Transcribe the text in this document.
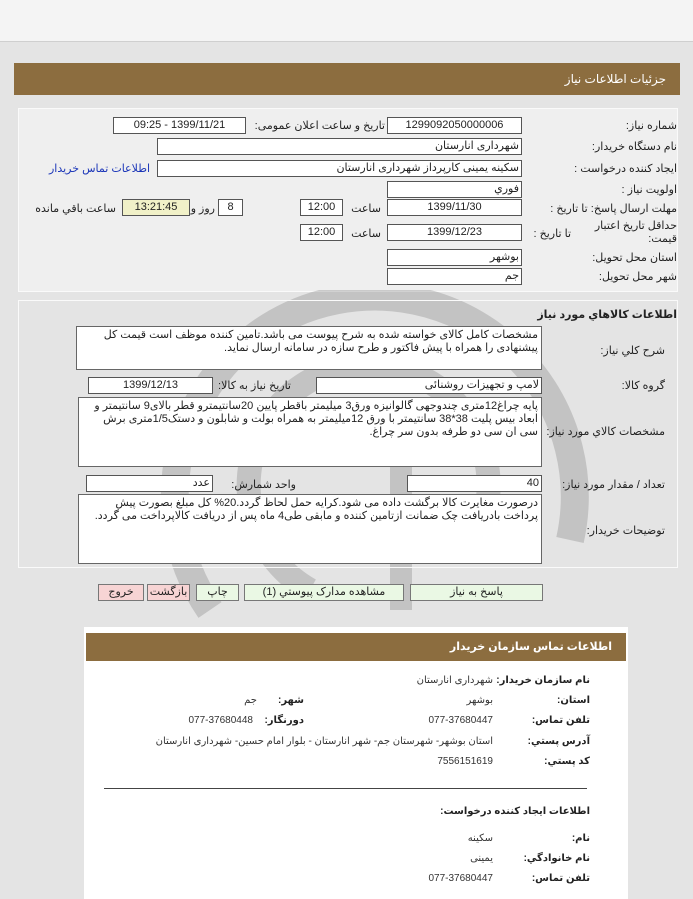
جزئیات اطلاعات نیاز
شماره نیاز:
1299092050000006
تاریخ و ساعت اعلان عمومی:
1399/11/21 - 09:25
نام دستگاه خریدار:
شهرداری انارستان
ایجاد کننده درخواست :
سکینه یمینی کارپرداز شهرداری انارستان
اطلاعات تماس خریدار
اولویت نیاز :
فوري
مهلت ارسال پاسخ: تا تاریخ :
1399/11/30
ساعت
12:00
8
روز و
13:21:45
ساعت باقي مانده
حداقل تاریخ اعتبار قیمت:
تا تاریخ :
1399/12/23
ساعت
12:00
استان محل تحویل:
بوشهر
شهر محل تحویل:
جم
اطلاعات کالاهاي مورد نیاز
شرح کلي نیاز:
مشخصات کامل کالای خواسته شده به شرح پیوست می باشد.تامین کننده موظف است قیمت کل پیشنهادی را همراه با پیش فاکتور و طرح سازه در سامانه ارسال نماید.
گروه کالا:
لامپ و تجهیزات روشنائی
تاریخ نیاز به کالا:
1399/12/13
مشخصات کالاي مورد نیاز:
پایه چراغ12متری چندوجهی گالوانیزه ورق3 میلیمتر باقطر پایین 20سانتیمترو قطر بالای9 سانتیمتر و ابعاد بیس پلیت 38*38 سانتیمتر با ورق 12میلیمتر به همراه بولت و شابلون و دستک1/5متری برش سی ان سی دو طرفه بدون سر چراغ.
تعداد / مقدار مورد نیاز:
40
واحد شمارش:
عدد
توضیحات خریدار:
درصورت مغایرت کالا برگشت داده می شود.کرایه حمل لحاظ گردد.20% کل مبلغ بصورت پیش پرداخت بادریافت چک ضمانت ازتامین کننده و مابقی طی4 ماه پس از دریافت کالاپرداخت می گردد.
پاسخ به نیاز
مشاهده مدارک پیوستي (1)
چاپ
بازگشت
خروج
اطلاعات تماس سازمان خریدار
نام سازمان خریدار:
شهرداری انارستان
استان:
بوشهر
شهر:
جم
تلفن تماس:
077-37680447
دورنگار:
077-37680448
آدرس پستي:
استان بوشهر- شهرستان جم- شهر انارستان - بلوار امام حسین- شهرداری انارستان
کد پستي:
7556151619
اطلاعات ایجاد کننده درخواست:
نام:
سکینه
نام خانوادگي:
یمینی
تلفن تماس:
077-37680447
